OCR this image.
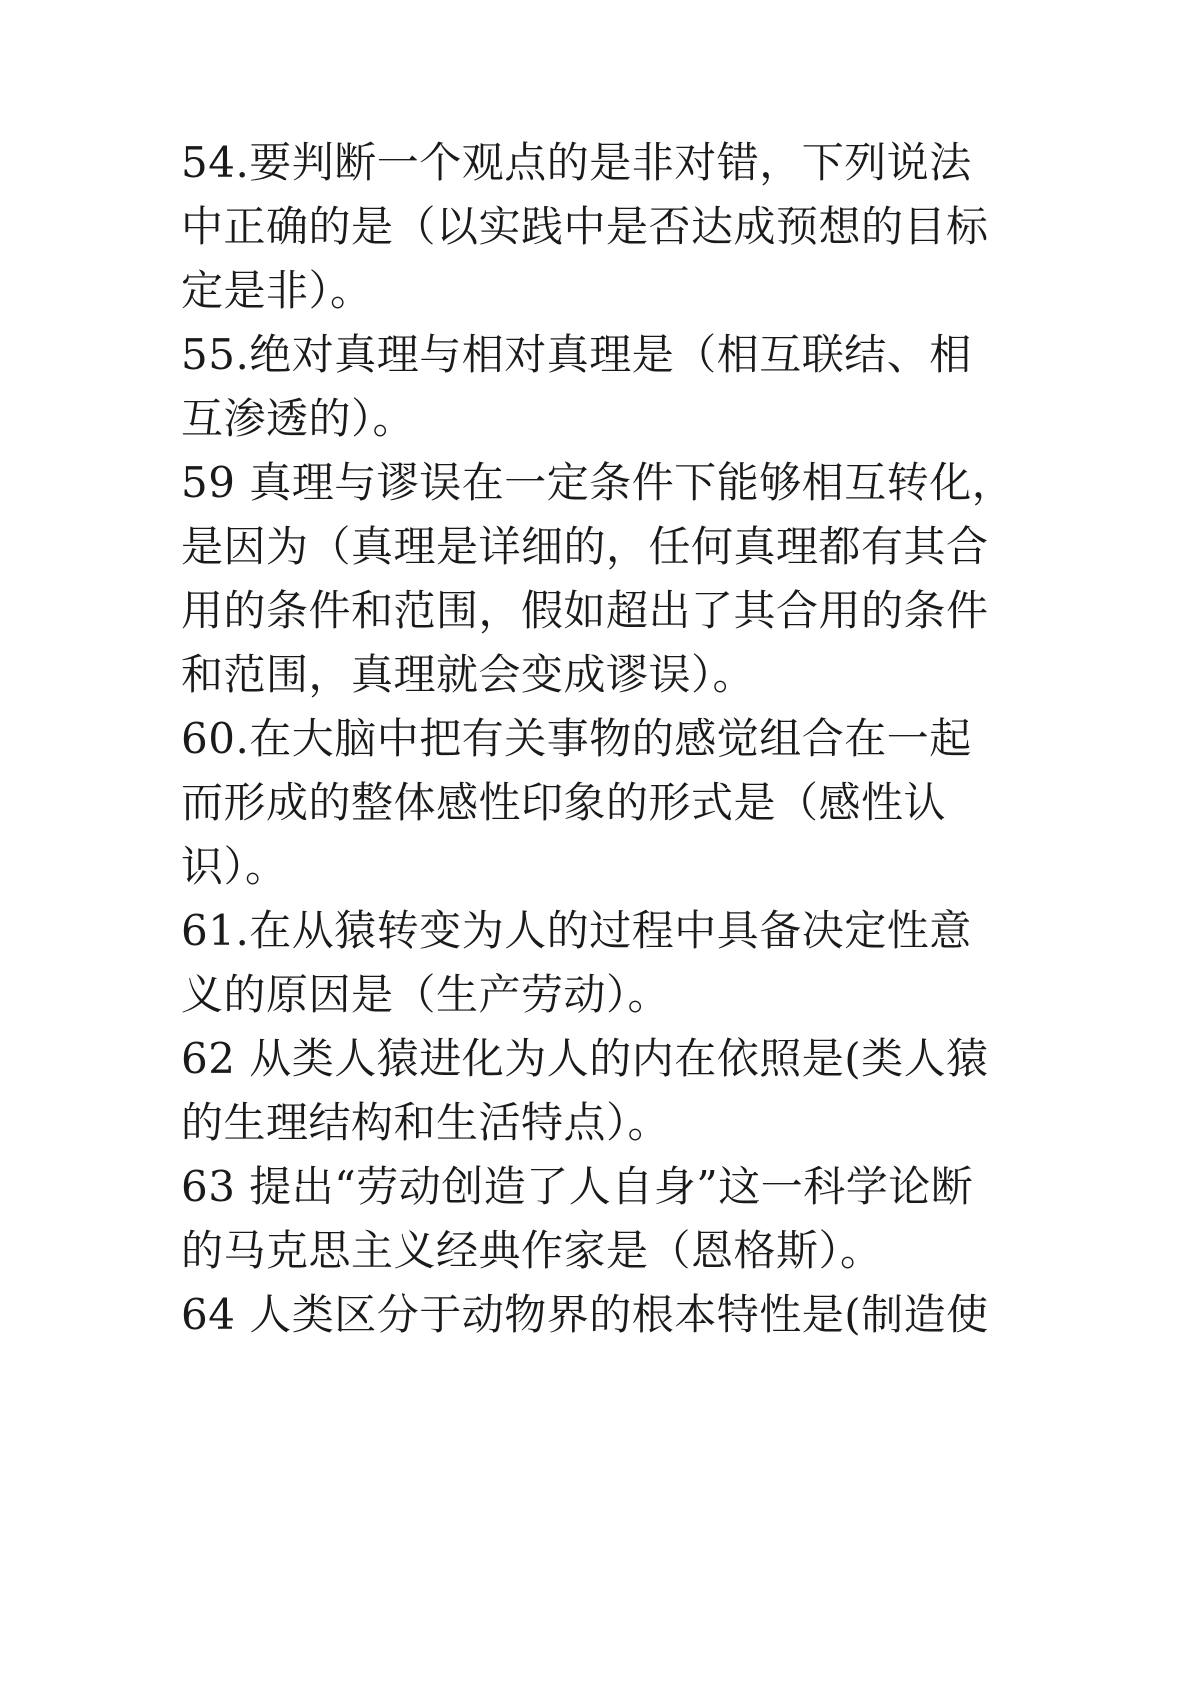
54.要判断一个观点的是非对错，下列说法
中正确的是（以实践中是否达成预想的目标
定是非）。
55.绝对真理与相对真理是（相互联结、相
互渗透的）。
59 真理与谬误在一定条件下能够相互转化，
是因为（真理是详细的，任何真理都有其合
用的条件和范围，假如超出了其合用的条件
和范围，真理就会变成谬误）。
60.在大脑中把有关事物的感觉组合在一起
而形成的整体感性印象的形式是（感性认
识）。
61.在从猿转变为人的过程中具备决定性意
义的原因是（生产劳动）。
62 从类人猿进化为人的内在依照是(类人猿
的生理结构和生活特点）。
63 提出“劳动创造了人自身”这一科学论断
的马克思主义经典作家是（恩格斯）。
64 人类区分于动物界的根本特性是(制造使
